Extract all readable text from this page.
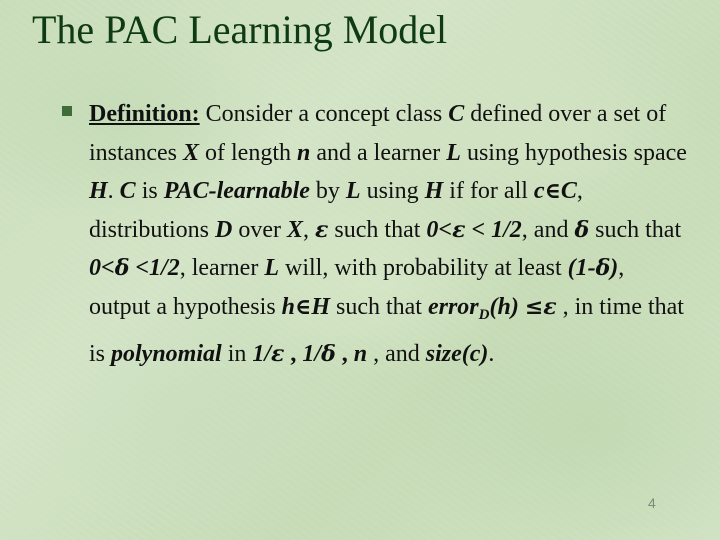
The PAC Learning Model

Definition: Consider a concept class C defined over a set of instances X of length n and a learner L using hypothesis space H. C is PAC-learnable by L using H if for all c∈C, distributions D over X, ε such that 0<ε < 1/2, and δ such that 0<δ <1/2, learner L will, with probability at least (1-δ), output a hypothesis h∈H such that error$_D$(h) ≤ε , in time that is polynomial in 1/ε , 1/δ , n , and size(c).

4
